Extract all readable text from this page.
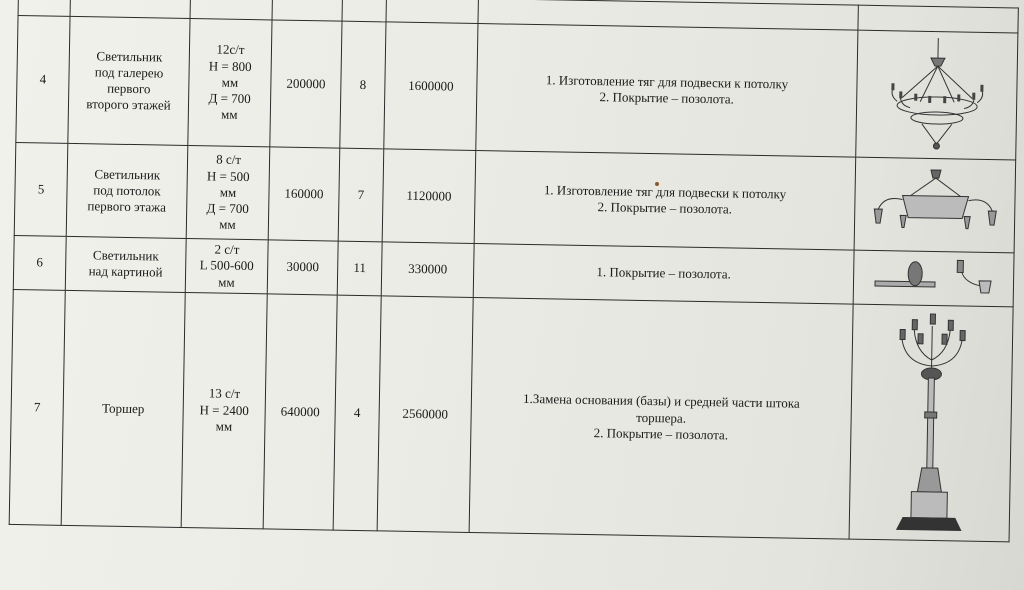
4	Светильник
под галерею
первого
второго этажей	12с/т
Н = 800
мм
Д = 700
мм	200000	8	1600000	1. Изготовление тяг для подвески к потолку
2. Покрытие – позолота.

5	Светильник
под потолок
первого этажа	8 с/т
Н = 500
мм
Д = 700
мм	160000	7	1120000	1. Изготовление тяг для подвески к потолку
2. Покрытие – позолота.

6	Светильник
над картиной	2 с/т
L 500-600
мм	30000	11	330000	1. Покрытие – позолота.

7	Торшер	13 с/т
Н = 2400
мм	640000	4	2560000	1.Замена основания (базы) и средней части штока
торшера.
2. Покрытие – позолота.
